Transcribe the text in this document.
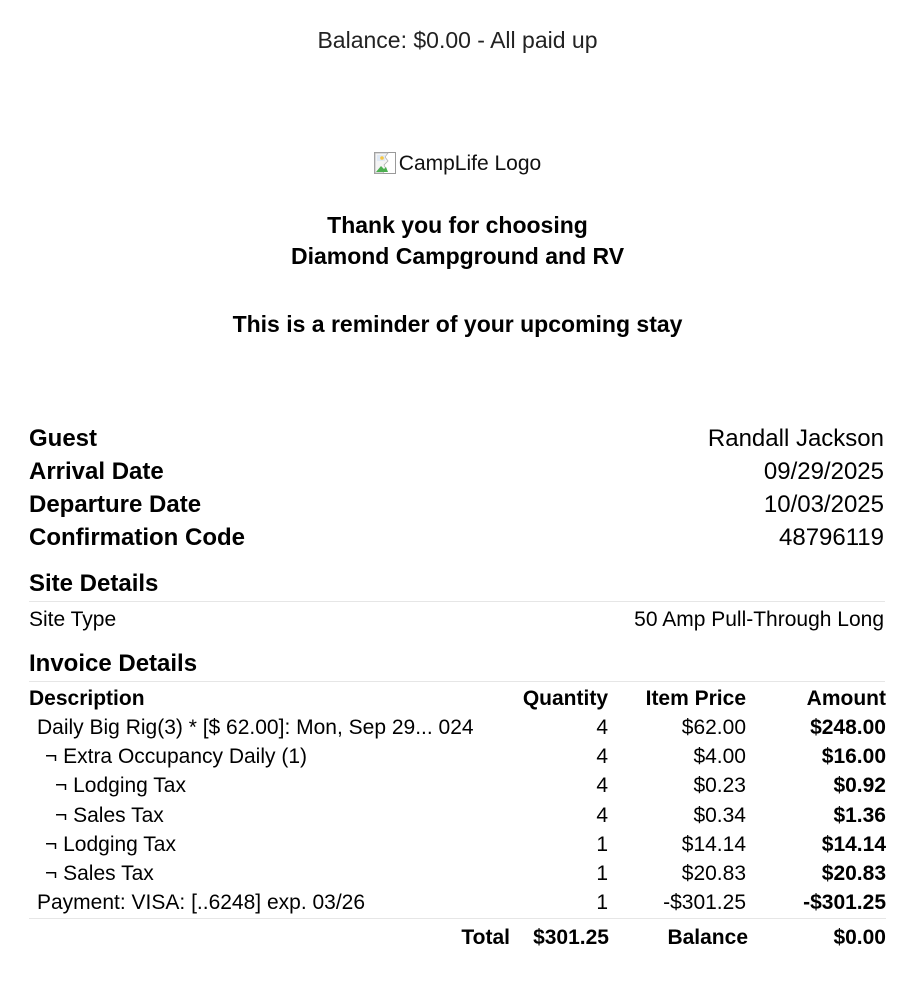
Balance: $0.00 - All paid up
CampLife Logo
Thank you for choosing
Diamond Campground and RV
This is a reminder of your upcoming stay
Guest	Randall Jackson
Arrival Date	09/29/2025
Departure Date	10/03/2025
Confirmation Code	48796119
Site Details
Site Type	50 Amp Pull-Through Long
Invoice Details
Description	Quantity	Item Price	Amount
Daily Big Rig(3) * [$ 62.00]: Mon, Sep 29... 024	4	$62.00	$248.00
¬ Extra Occupancy Daily (1)	4	$4.00	$16.00
¬ Lodging Tax	4	$0.23	$0.92
¬ Sales Tax	4	$0.34	$1.36
¬ Lodging Tax	1	$14.14	$14.14
¬ Sales Tax	1	$20.83	$20.83
Payment: VISA: [..6248] exp. 03/26	1	-$301.25	-$301.25
Total $301.25	Balance	$0.00
